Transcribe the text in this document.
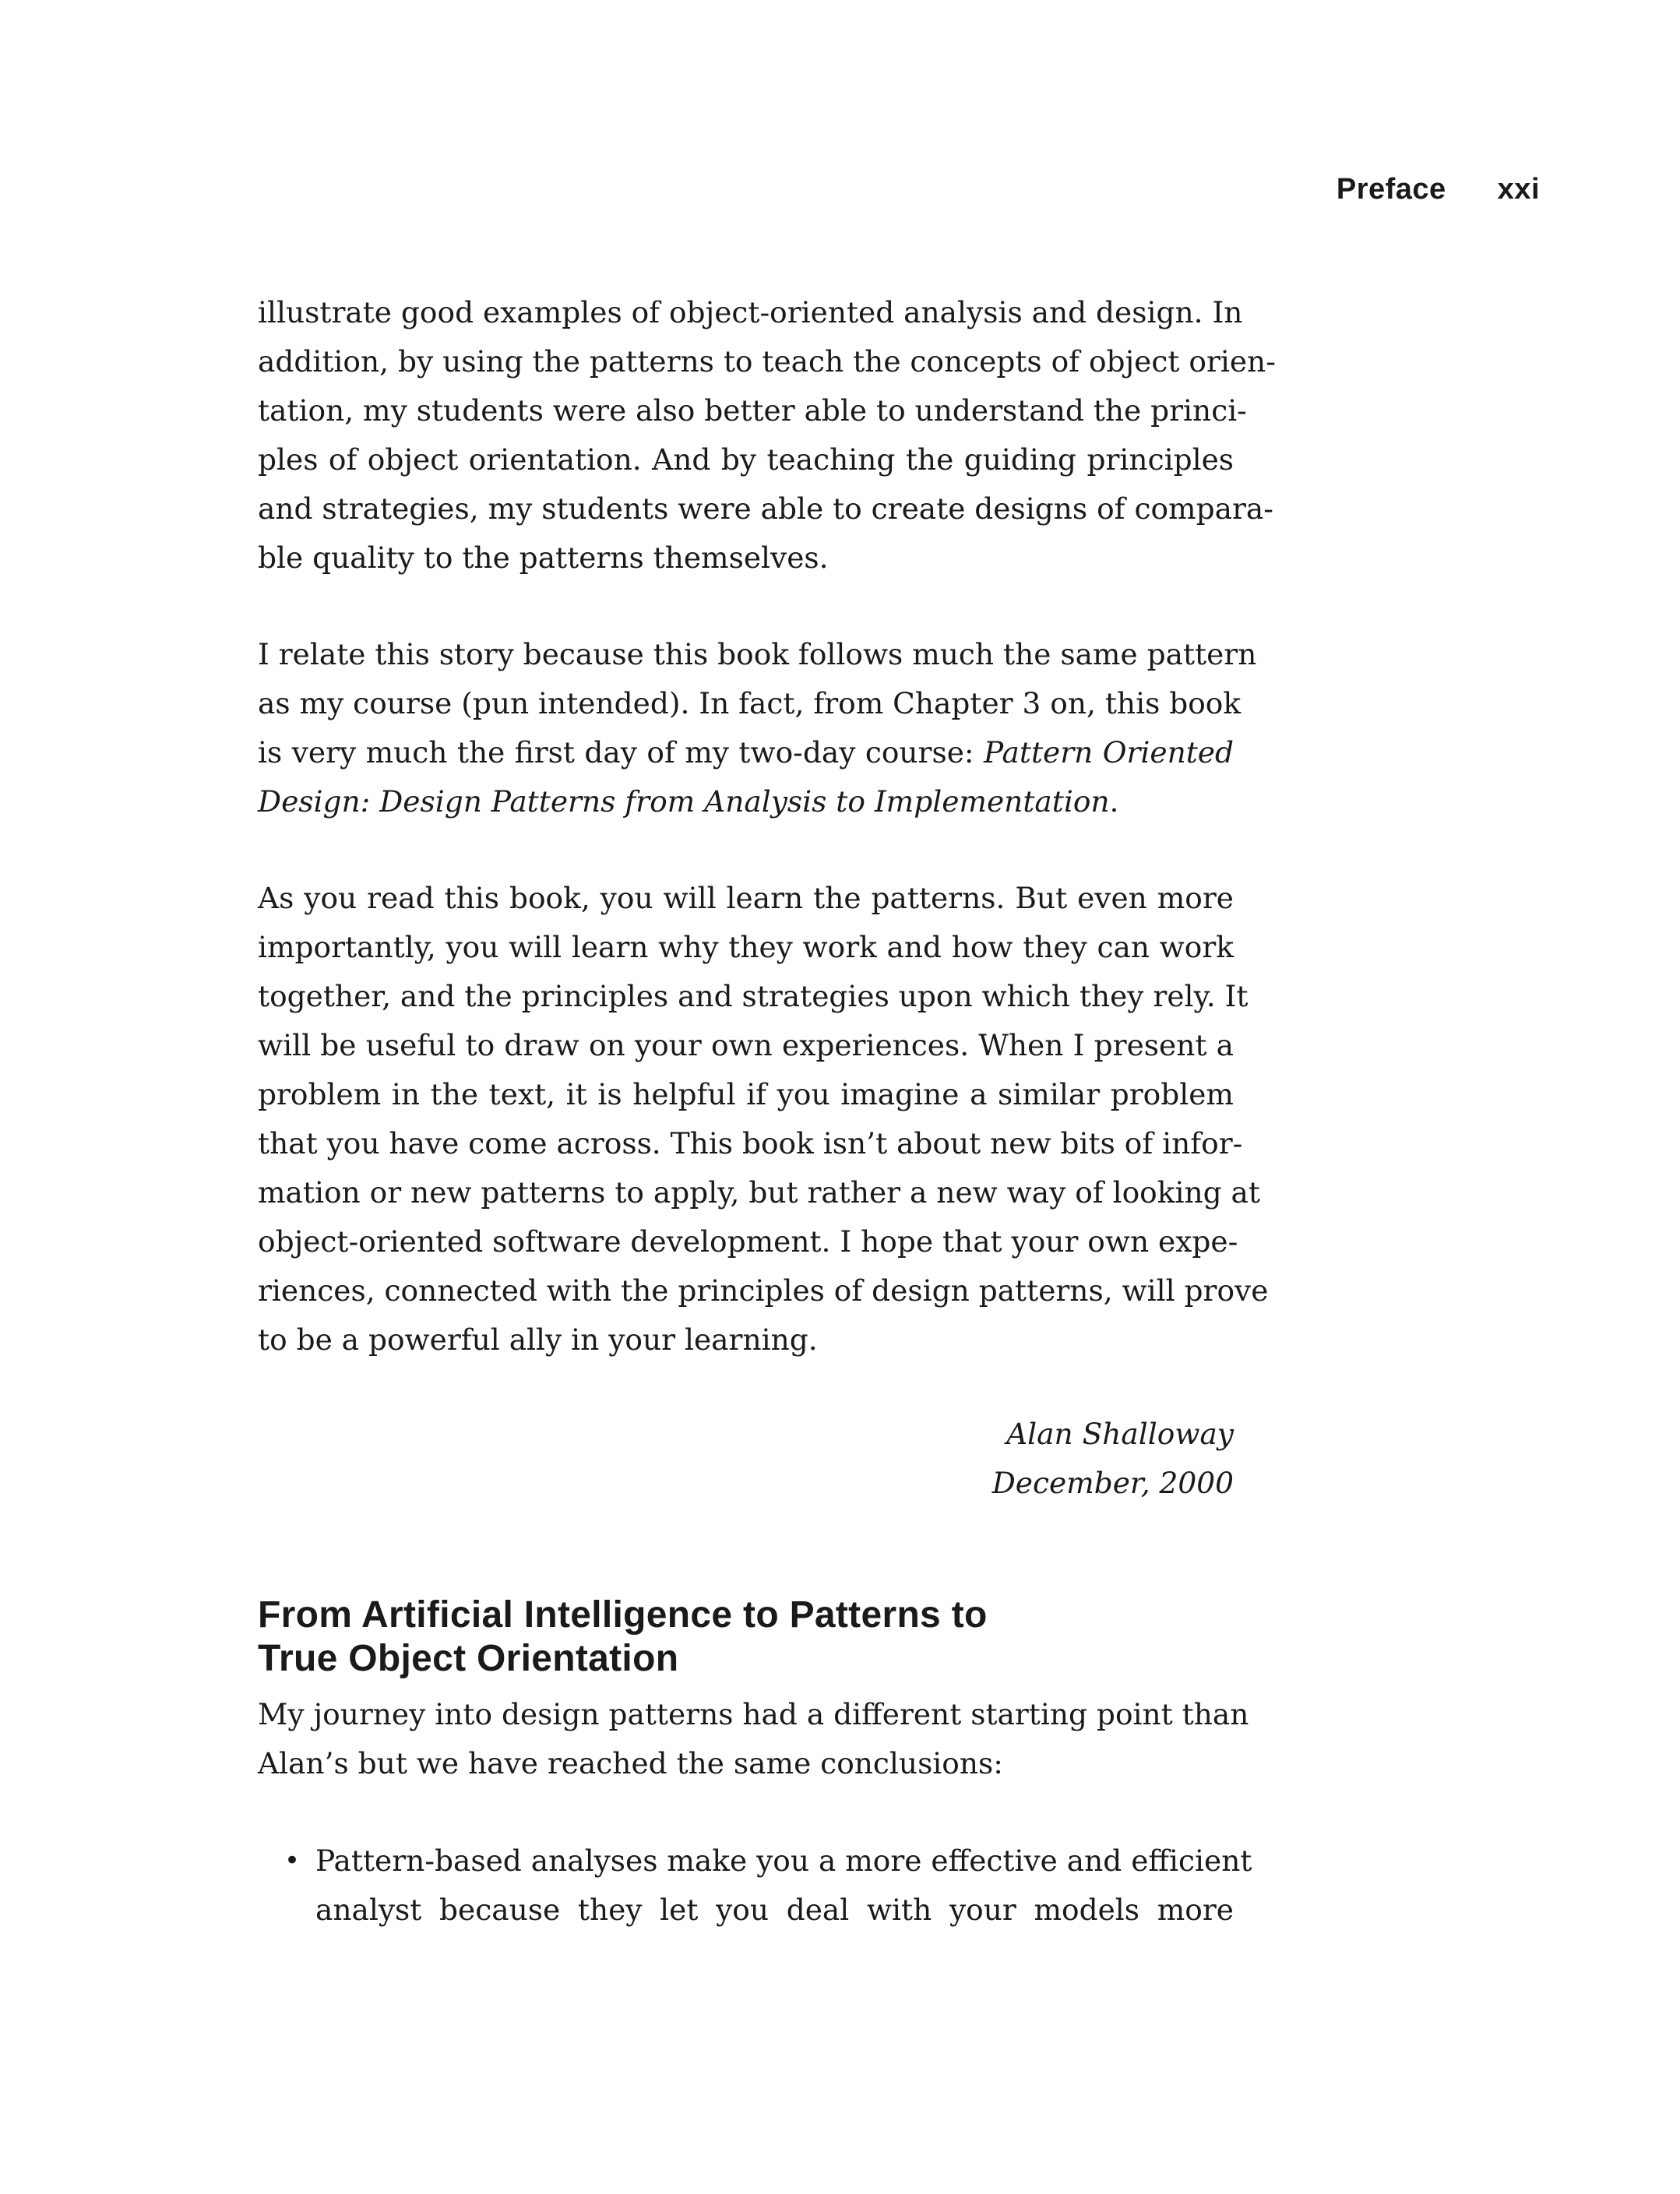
Preface xxi
illustrate good examples of object-oriented analysis and design. In
addition, by using the patterns to teach the concepts of object orien-
tation, my students were also better able to understand the princi-
ples of object orientation. And by teaching the guiding principles
and strategies, my students were able to create designs of compara-
ble quality to the patterns themselves.
I relate this story because this book follows much the same pattern
as my course (pun intended). In fact, from Chapter 3 on, this book
is very much the first day of my two-day course: Pattern Oriented
Design: Design Patterns from Analysis to Implementation.
As you read this book, you will learn the patterns. But even more
importantly, you will learn why they work and how they can work
together, and the principles and strategies upon which they rely. It
will be useful to draw on your own experiences. When I present a
problem in the text, it is helpful if you imagine a similar problem
that you have come across. This book isn’t about new bits of infor-
mation or new patterns to apply, but rather a new way of looking at
object-oriented software development. I hope that your own expe-
riences, connected with the principles of design patterns, will prove
to be a powerful ally in your learning.
Alan Shalloway
December, 2000
From Artificial Intelligence to Patterns to
True Object Orientation
My journey into design patterns had a different starting point than
Alan’s but we have reached the same conclusions:
• Pattern-based analyses make you a more effective and efficient
analyst because they let you deal with your models more
